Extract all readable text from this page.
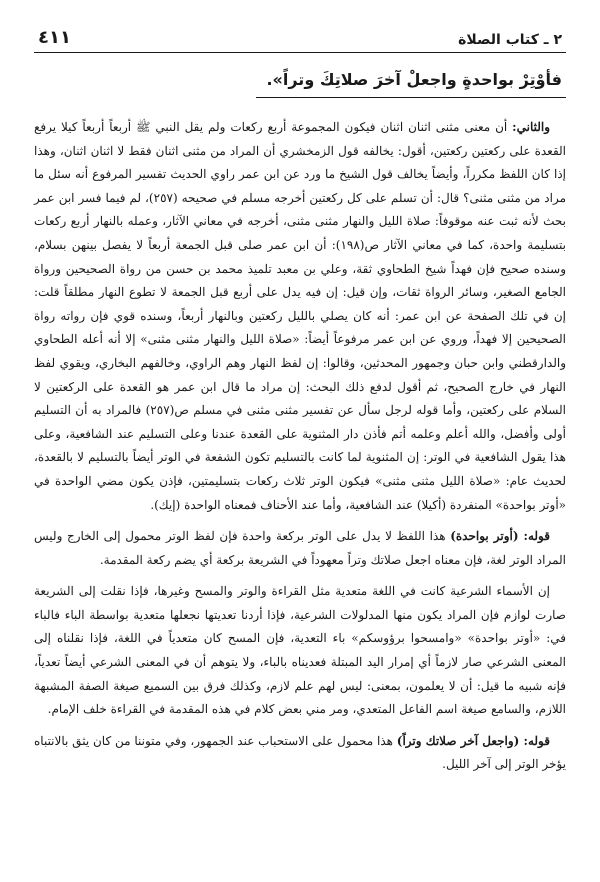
٢ ـ كتاب الصلاة
٤١١
فأوْتِرْ بواحدةٍ واجعلْ آخرَ صلاتِكَ وتراً».

والثاني: أن معنى مثنى اثنان اثنان فيكون المجموعة أربع ركعات ولم يقل النبي ﷺ أربعاً أربعاً كيلا يرفع القعدة على ركعتين ركعتين، أقول: يخالفه قول الزمخشري أن المراد من مثنى اثنان فقط لا اثنان اثنان، وهذا إذا كان اللفظ مكرراً، وأيضاً يخالف قول الشيخ ما ورد عن ابن عمر راوي الحديث تفسير المرفوع أنه سئل ما مراد من مثنى مثنى؟ قال: أن تسلم على كل ركعتين أخرجه مسلم في صحيحه (٢٥٧)، لم فيما فسر ابن عمر بحث لأنه ثبت عنه موقوفاً: صلاة الليل والنهار مثنى مثنى، أخرجه في معاني الآثار، وعمله بالنهار أربع ركعات بتسليمة واحدة، كما في معاني الآثار ص(١٩٨): أن ابن عمر صلى قبل الجمعة أربعاً لا يفصل بينهن بسلام، وسنده صحيح فإن فهداً شيخ الطحاوي ثقة، وعلي بن معبد تلميذ محمد بن حسن من رواة الصحيحين ورواة الجامع الصغير، وسائر الرواة ثقات، وإن قيل: إن فيه يدل على أربع قبل الجمعة لا تطوع النهار مطلقاً قلت: إن في تلك الصفحة عن ابن عمر: أنه كان يصلي بالليل ركعتين وبالنهار أربعاً، وسنده قوي فإن رواته رواة الصحيحين إلا فهداً، وروي عن ابن عمر مرفوعاً أيضاً: «صلاة الليل والنهار مثنى مثنى» إلا أنه أعله الطحاوي والدارقطني وابن حبان وجمهور المحدثين، وقالوا: إن لفظ النهار وهم الراوي، وخالفهم البخاري، ويقوي لفظ النهار في خارج الصحيح، ثم أقول لدفع ذلك البحث: إن مراد ما قال ابن عمر هو القعدة على الركعتين لا السلام على ركعتين، وأما قوله لرجل سأل عن تفسير مثنى مثنى في مسلم ص(٢٥٧) فالمراد به أن التسليم أولى وأفضل، والله أعلم وعلمه أتم فأذن دار المثنوية على القعدة عندنا وعلى التسليم عند الشافعية، وعلى هذا يقول الشافعية في الوتر: إن المثنوية لما كانت بالتسليم تكون الشفعة في الوتر أيضاً بالتسليم لا بالقعدة، لحديث عام: «صلاة الليل مثنى مثنى» فيكون الوتر ثلاث ركعات بتسليمتين، فإذن يكون مضي الواحدة في «أوتر بواحدة» المنفردة (أكيلا) عند الشافعية، وأما عند الأحناف فمعناه الواحدة (إيك).

قوله: (أوتر بواحدة) هذا اللفظ لا يدل على الوتر بركعة واحدة فإن لفظ الوتر محمول إلى الخارج وليس المراد الوتر لغة، فإن معناه اجعل صلاتك وتراً معهوداً في الشريعة بركعة أي يضم ركعة المقدمة.

إن الأسماء الشرعية كانت في اللغة متعدية مثل القراءة والوتر والمسح وغيرها، فإذا نقلت إلى الشريعة صارت لوازم فإن المراد يكون منها المدلولات الشرعية، فإذا أردنا تعديتها نجعلها متعدية بواسطة الباء فالباء في: «أوتر بواحدة» «وامسحوا برؤوسكم» باء التعدية، فإن المسح كان متعدياً في اللغة، فإذا نقلناه إلى المعنى الشرعي صار لازماً أي إمرار اليد المبتلة فعديناه بالباء، ولا يتوهم أن في المعنى الشرعي أيضاً تعدياً، فإنه شبيه ما قيل: أن لا يعلمون، بمعنى: ليس لهم علم لازم، وكذلك فرق بين السميع صيغة الصفة المشبهة اللازم، والسامع صيغة اسم الفاعل المتعدي، ومر مني بعض كلام في هذه المقدمة في القراءة خلف الإمام.

قوله: (واجعل آخر صلاتك وتراً) هذا محمول على الاستحباب عند الجمهور، وفي متوننا من كان يثق بالانتباه يؤخر الوتر إلى آخر الليل.
